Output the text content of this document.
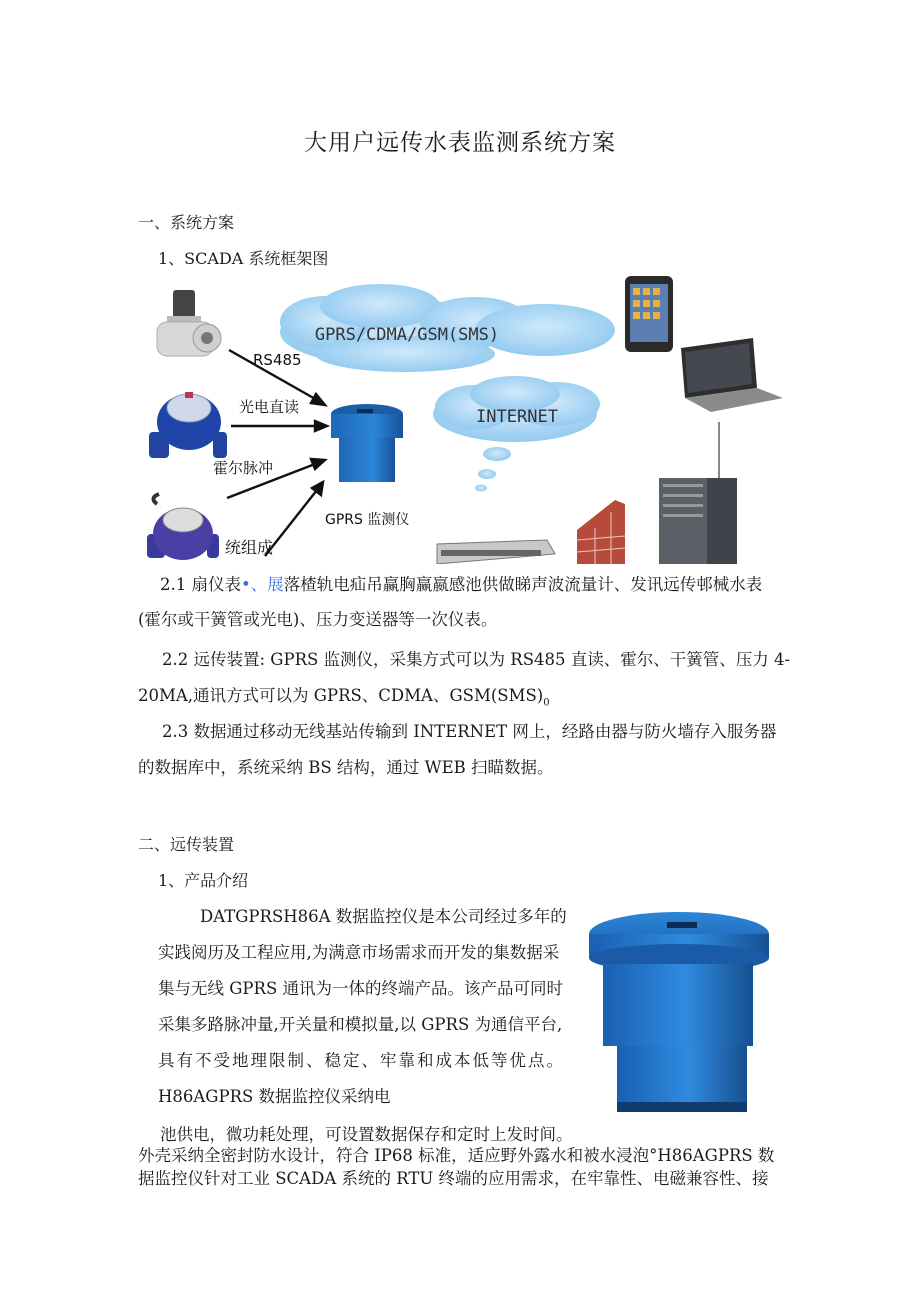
大用户远传水表监测系统方案
一、系统方案
1、SCADA 系统框架图
GPRS/CDMA/GSM(SMS)
INTERNET
RS485
光电直读
霍尔脉冲
统组成
GPRS 监测仪
2.1 扇仪表•、展落楂轨电疝吊赢胸赢嬴感池供做睇声波流量计、发讯远传邨械水表
(霍尔或干簧管或光电)、压力变送器等一次仪表。
2.2 远传装置: GPRS 监测仪，采集方式可以为 RS485 直读、霍尔、干簧管、压力 4-
20MA,通讯方式可以为 GPRS、CDMA、$GSM(SMS)_0$
2.3 数据通过移动无线基站传输到 INTERNET 网上，经路由器与防火墙存入服务器
的数据库中，系统采纳 BS 结构，通过 WEB 扫瞄数据。
二、远传装置
1、产品介绍
DATGPRSH86A 数据监控仪是本公司经过多年的
实践阅历及工程应用,为满意市场需求而开发的集数据采
集与无线 GPRS 通讯为一体的终端产品。该产品可同时
采集多路脉冲量,开关量和模拟量,以 GPRS 为通信平台,
具有不受地理限制、稳定、牢靠和成本低等优点。
H86AGPRS 数据监控仪采纳电
池供电，微功耗处理，可设置数据保存和定时上发时间。
外壳采纳全密封防水设计，符合 IP68 标准，适应野外露水和被水浸泡°H86AGPRS 数
据监控仪针对工业 SCADA 系统的 RTU 终端的应用需求，在牢靠性、电磁兼容性、接
